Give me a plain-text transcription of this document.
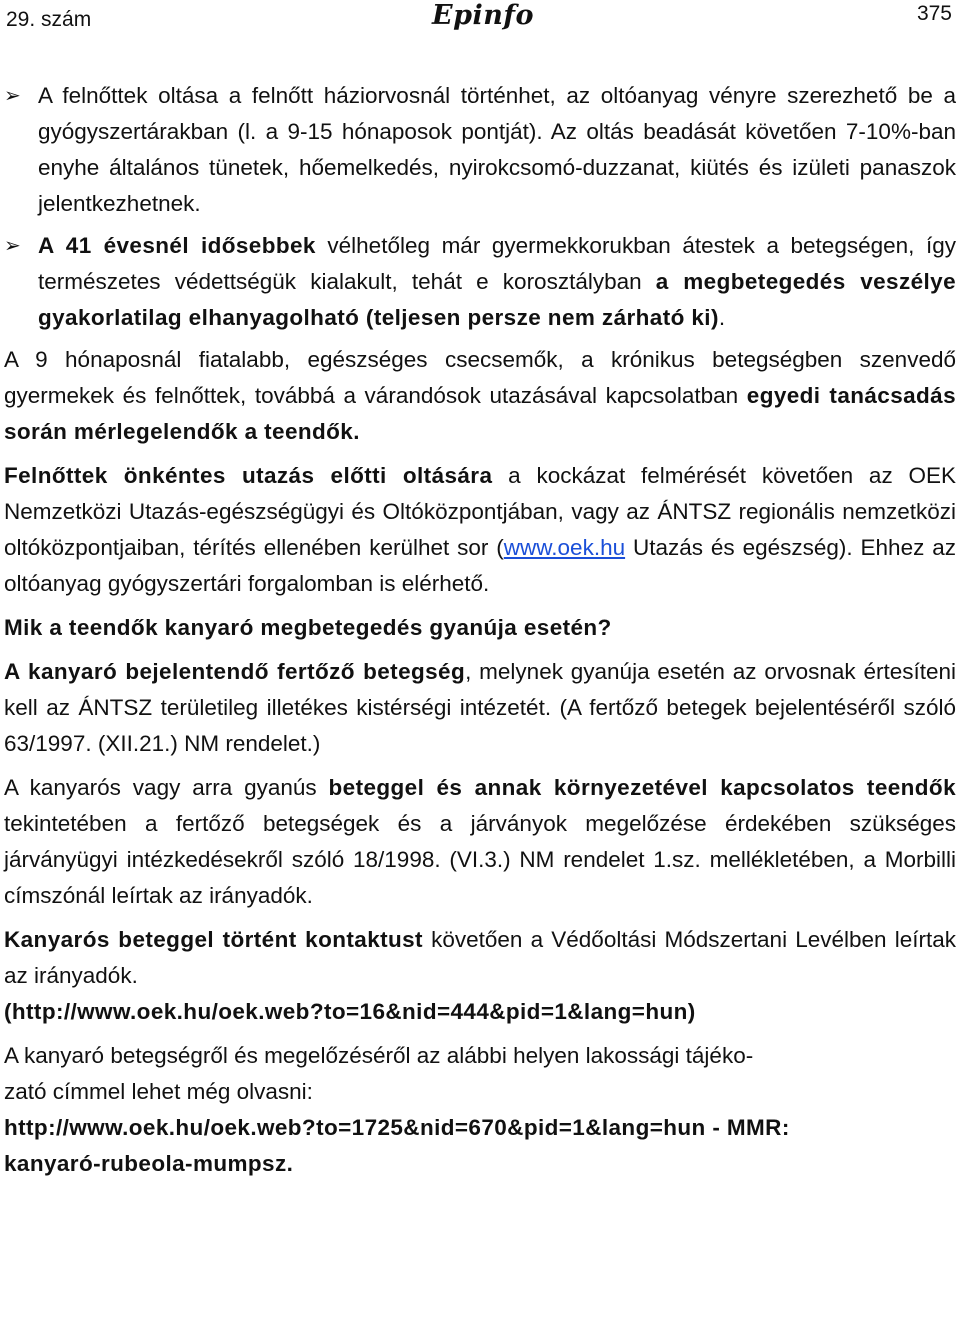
29. szám	Epinfo	375
➢ A felnőttek oltása a felnőtt háziorvosnál történhet, az oltóanyag vényre szerezhető be a gyógyszertárakban (l. a 9-15 hónaposok pontját). Az oltás beadását követően 7-10%-ban enyhe általános tünetek, hőemelkedés, nyirokcsomó-duzzanat, kiütés és izületi panaszok jelentkezhetnek.

➢ A 41 évesnél idősebbek vélhetőleg már gyermekkorukban átestek a betegségen, így természetes védettségük kialakult, tehát e korosztályban a megbetegedés veszélye gyakorlatilag elhanyagolható (teljesen persze nem zárható ki).

A 9 hónaposnál fiatalabb, egészséges csecsemők, a krónikus betegségben szenvedő gyermekek és felnőttek, továbbá a várandósok utazásával kapcsolatban egyedi tanácsadás során mérlegelendők a teendők.

Felnőttek önkéntes utazás előtti oltására a kockázat felmérését követően az OEK Nemzetközi Utazás-egészségügyi és Oltóközpontjában, vagy az ÁNTSZ regionális nemzetközi oltóközpontjaiban, térítés ellenében kerülhet sor (www.oek.hu Utazás és egészség). Ehhez az oltóanyag gyógyszertári forgalomban is elérhető.

Mik a teendők kanyaró megbetegedés gyanúja esetén?

A kanyaró bejelentendő fertőző betegség, melynek gyanúja esetén az orvosnak értesíteni kell az ÁNTSZ területileg illetékes kistérségi intézetét. (A fertőző betegek bejelentéséről szóló 63/1997. (XII.21.) NM rendelet.)

A kanyarós vagy arra gyanús beteggel és annak környezetével kapcsolatos teendők tekintetében a fertőző betegségek és a járványok megelőzése érdekében szükséges járványügyi intézkedésekről szóló 18/1998. (VI.3.) NM rendelet 1.sz. mellékletében, a Morbilli címszónál leírtak az irányadók.

Kanyarós beteggel történt kontaktust követően a Védőoltási Módszertani Levélben leírtak az irányadók.

(http://www.oek.hu/oek.web?to=16&nid=444&pid=1&lang=hun)

A kanyaró betegségről és megelőzéséről az alábbi helyen lakossági tájéko-
zató címmel lehet még olvasni:

http://www.oek.hu/oek.web?to=1725&nid=670&pid=1&lang=hun - MMR:
kanyaró-rubeola-mumpsz.
